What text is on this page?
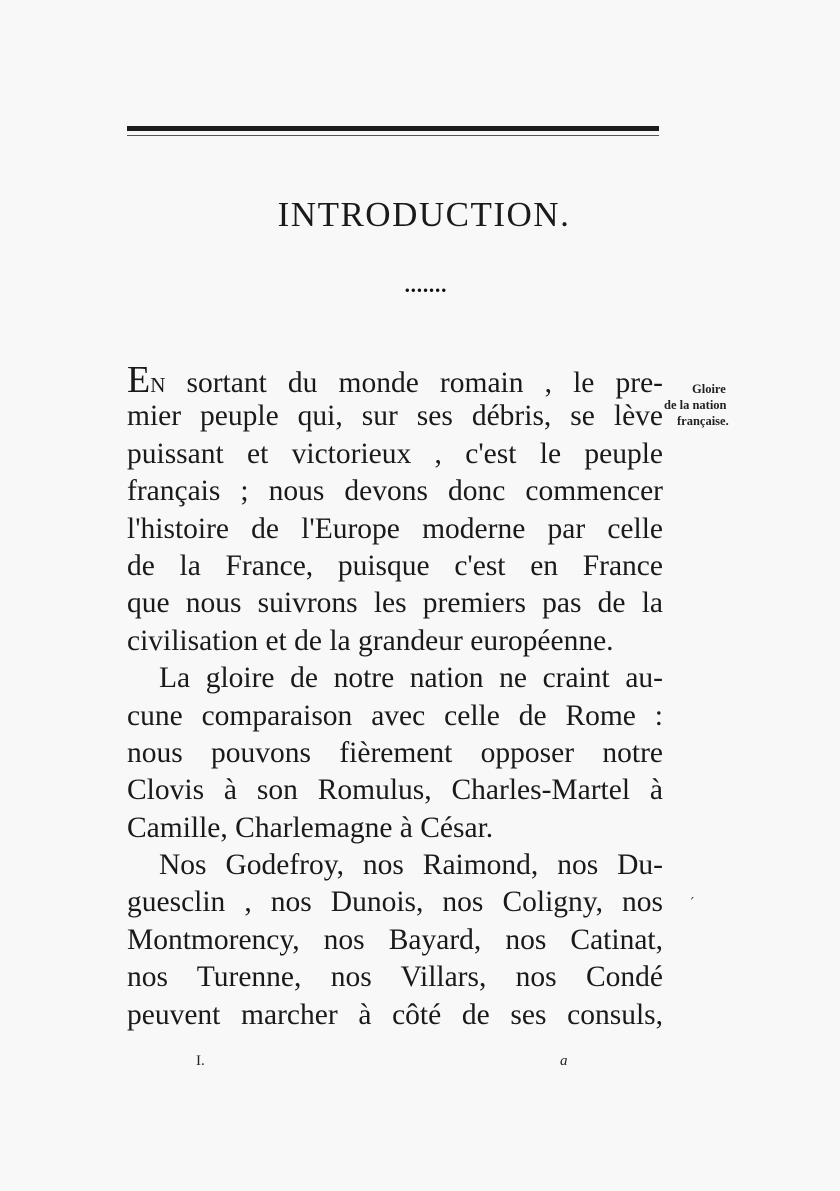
INTRODUCTION.
•••••••
Gloire
de la nation
française.
EN sortant du monde romain , le pre-
mier peuple qui, sur ses débris, se lève
puissant et victorieux , c'est le peuple
français ; nous devons donc commencer
l'histoire de l'Europe moderne par celle
de la France, puisque c'est en France
que nous suivrons les premiers pas de la
civilisation et de la grandeur européenne.
La gloire de notre nation ne craint au-
cune comparaison avec celle de Rome :
nous pouvons fièrement opposer notre
Clovis à son Romulus, Charles-Martel à
Camille, Charlemagne à César.
Nos Godefroy, nos Raimond, nos Du-
guesclin , nos Dunois, nos Coligny, nos
Montmorency, nos Bayard, nos Catinat,
nos Turenne, nos Villars, nos Condé
peuvent marcher à côté de ses consuls,
´
I.	a
